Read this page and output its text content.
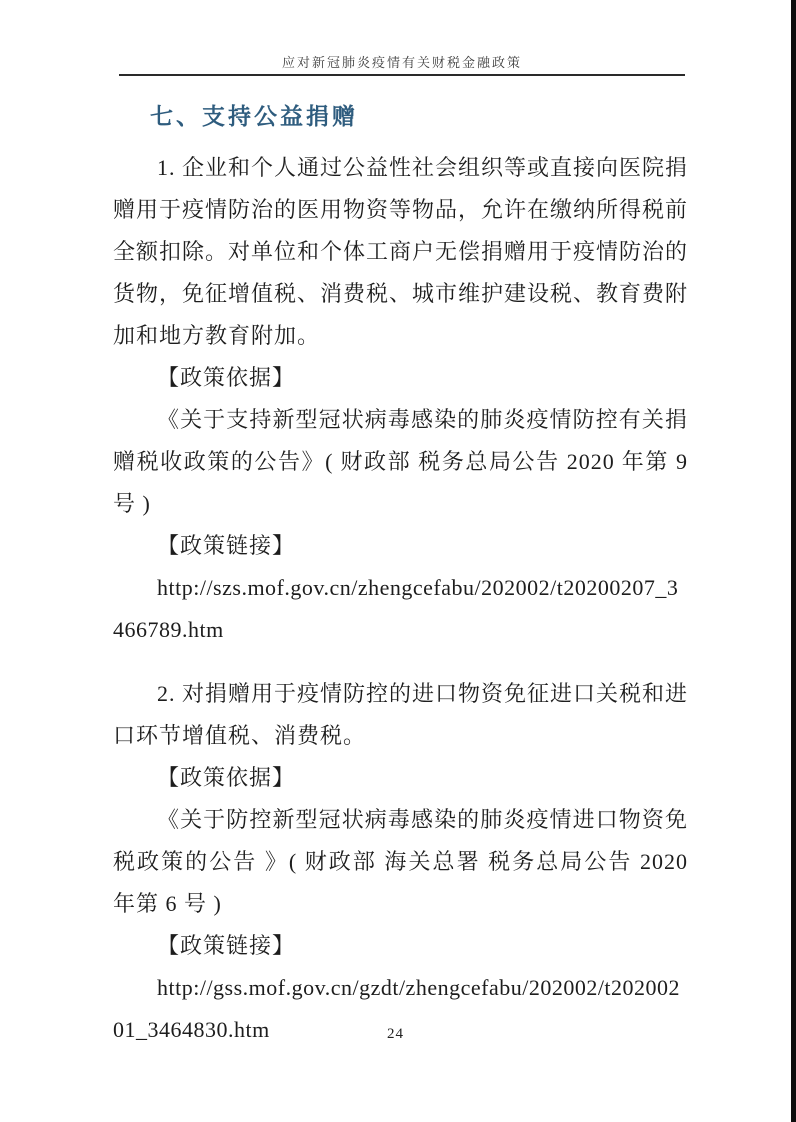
应对新冠肺炎疫情有关财税金融政策
七、支持公益捐赠

1. 企业和个人通过公益性社会组织等或直接向医院捐赠用于疫情防治的医用物资等物品，允许在缴纳所得税前全额扣除。对单位和个体工商户无偿捐赠用于疫情防治的货物，免征增值税、消费税、城市维护建设税、教育费附加和地方教育附加。

【政策依据】

《关于支持新型冠状病毒感染的肺炎疫情防控有关捐赠税收政策的公告》( 财政部 税务总局公告 2020 年第 9 号 )

【政策链接】

http://szs.mof.gov.cn/zhengcefabu/202002/t20200207_3466789.htm

2. 对捐赠用于疫情防控的进口物资免征进口关税和进口环节增值税、消费税。

【政策依据】

《关于防控新型冠状病毒感染的肺炎疫情进口物资免税政策的公告 》( 财政部 海关总署 税务总局公告 2020 年第 6 号 )

【政策链接】

http://gss.mof.gov.cn/gzdt/zhengcefabu/202002/t20200201_3464830.htm	24
